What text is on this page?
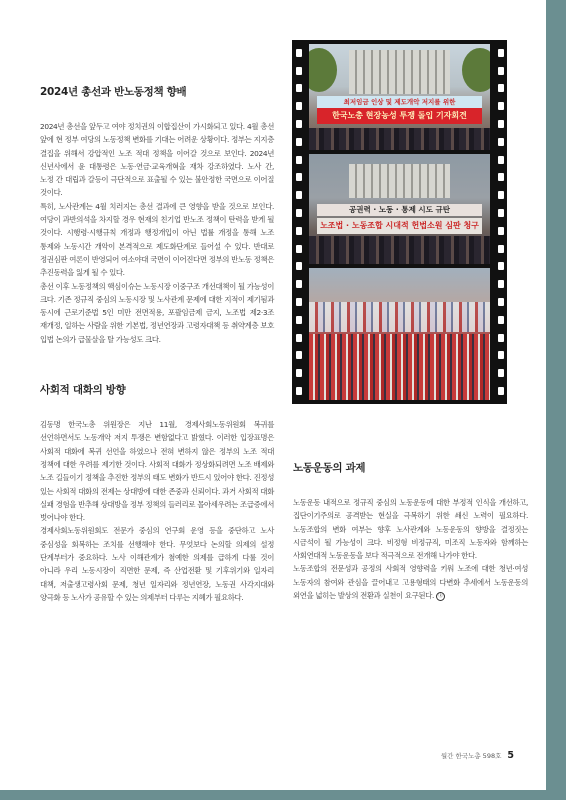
2024년 총선과 반노동정책 향배

2024년 총선을 앞두고 여야 정치권의 이합집산이 가시화되고 있다. 4월 총선 앞에 현 정부 여당의 노동정책 변화를 기대는 어려운 상황이다. 정부는 지지층 결집을 위해서 강압적인 노조 적대 정책을 이어갈 것으로 보인다. 2024년 신년사에서 윤 대통령은 노동·연금·교육개혁을 재차 강조하였다. 노사 간, 노정 간 대립과 갈등이 극단적으로 표출될 수 있는 불안정한 국면으로 이어질 것이다.

특히, 노사관계는 4월 치러지는 총선 결과에 큰 영향을 받을 것으로 보인다. 여당이 과반의석을 차지할 경우 현재의 친기업 반노조 정책이 탄력을 받게 될 것이다. 시행령·시행규칙 개정과 행정개입이 아닌 법률 개정을 통해 노조 통제와 노동시간 개악이 본격적으로 제도화단계로 들어설 수 있다. 반대로 정권심판 여론이 반영되어 여소야대 국면이 이어진다면 정부의 반노동 정책은 추진동력을 잃게 될 수 있다.

총선 이후 노동정책의 핵심이슈는 노동시장 이중구조 개선대책이 될 가능성이 크다. 기존 정규직 중심의 노동시장 및 노사관계 문제에 대한 지적이 제기됨과 동시에 근로기준법 5인 미만 전면적용, 포괄임금제 금지, 노조법 제2·3조 재개정, 일하는 사람을 위한 기본법, 정년연장과 고령자대책 등 취약계층 보호 입법 논의가 급물살을 탈 가능성도 크다.

사회적 대화의 방향

김동명 한국노총 위원장은 지난 11월, 경제사회노동위원회 복귀를 선언하면서도 노동개악 저지 투쟁은 변함없다고 밝혔다. 이러한 입장표명은 사회적 대화에 복귀 선언을 하였으나 전혀 변하지 않은 정부의 노조 적대 정책에 대한 우려를 제기한 것이다. 사회적 대화가 정상화되려면 노조 배제와 노조 길들이기 정책을 추진한 정부의 태도 변화가 반드시 있어야 한다. 진정성 있는 사회적 대화의 전제는 상대방에 대한 존중과 신뢰이다. 과거 사회적 대화 실패 경험을 반추해 상대방을 정부 정책의 들러리로 몰아세우려는 조급증에서 벗어나야 한다.

경제사회노동위원회도 전문가 중심의 연구회 운영 등을 중단하고 노사 중심성을 회복하는 조치를 선행해야 한다. 무엇보다 논의할 의제의 설정 단계부터가 중요하다. 노사 이해관계가 첨예한 의제를 급하게 다룰 것이 아니라 우리 노동시장이 직면한 문제, 즉 산업전환 및 기후위기와 일자리 대책, 저출생고령사회 문제, 청년 일자리와 정년연장, 노동권 사각지대와 양극화 등 노사가 공유할 수 있는 의제부터 다루는 지혜가 필요하다.

최저임금 인상 및 제도개악 저지를 위한
한국노총 현장농성 투쟁 돌입 기자회견
공권력 · 노동 · 통제 시도 규탄
노조법 · 노동조합 시대적 헌법소원 심판 청구

노동운동의 과제

노동운동 내적으로 정규직 중심의 노동운동에 대한 부정적 인식을 개선하고, 집단이기주의로 공격받는 현실을 극복하기 위한 쇄신 노력이 필요하다. 노동조합의 변화 여부는 향후 노사관계와 노동운동의 향방을 결정짓는 시금석이 될 가능성이 크다. 비정형 비정규직, 미조직 노동자와 함께하는 사회연대적 노동운동을 보다 적극적으로 전개해 나가야 한다.

노동조합의 전문성과 공정의 사회적 영향력을 키워 노조에 대한 청년·여성 노동자의 참여와 관심을 끌어내고 고용형태의 다변화 추세에서 노동운동의 외연을 넓히는 발상의 전환과 실천이 요구된다. ⓚ

월간 한국노총 598호 5
